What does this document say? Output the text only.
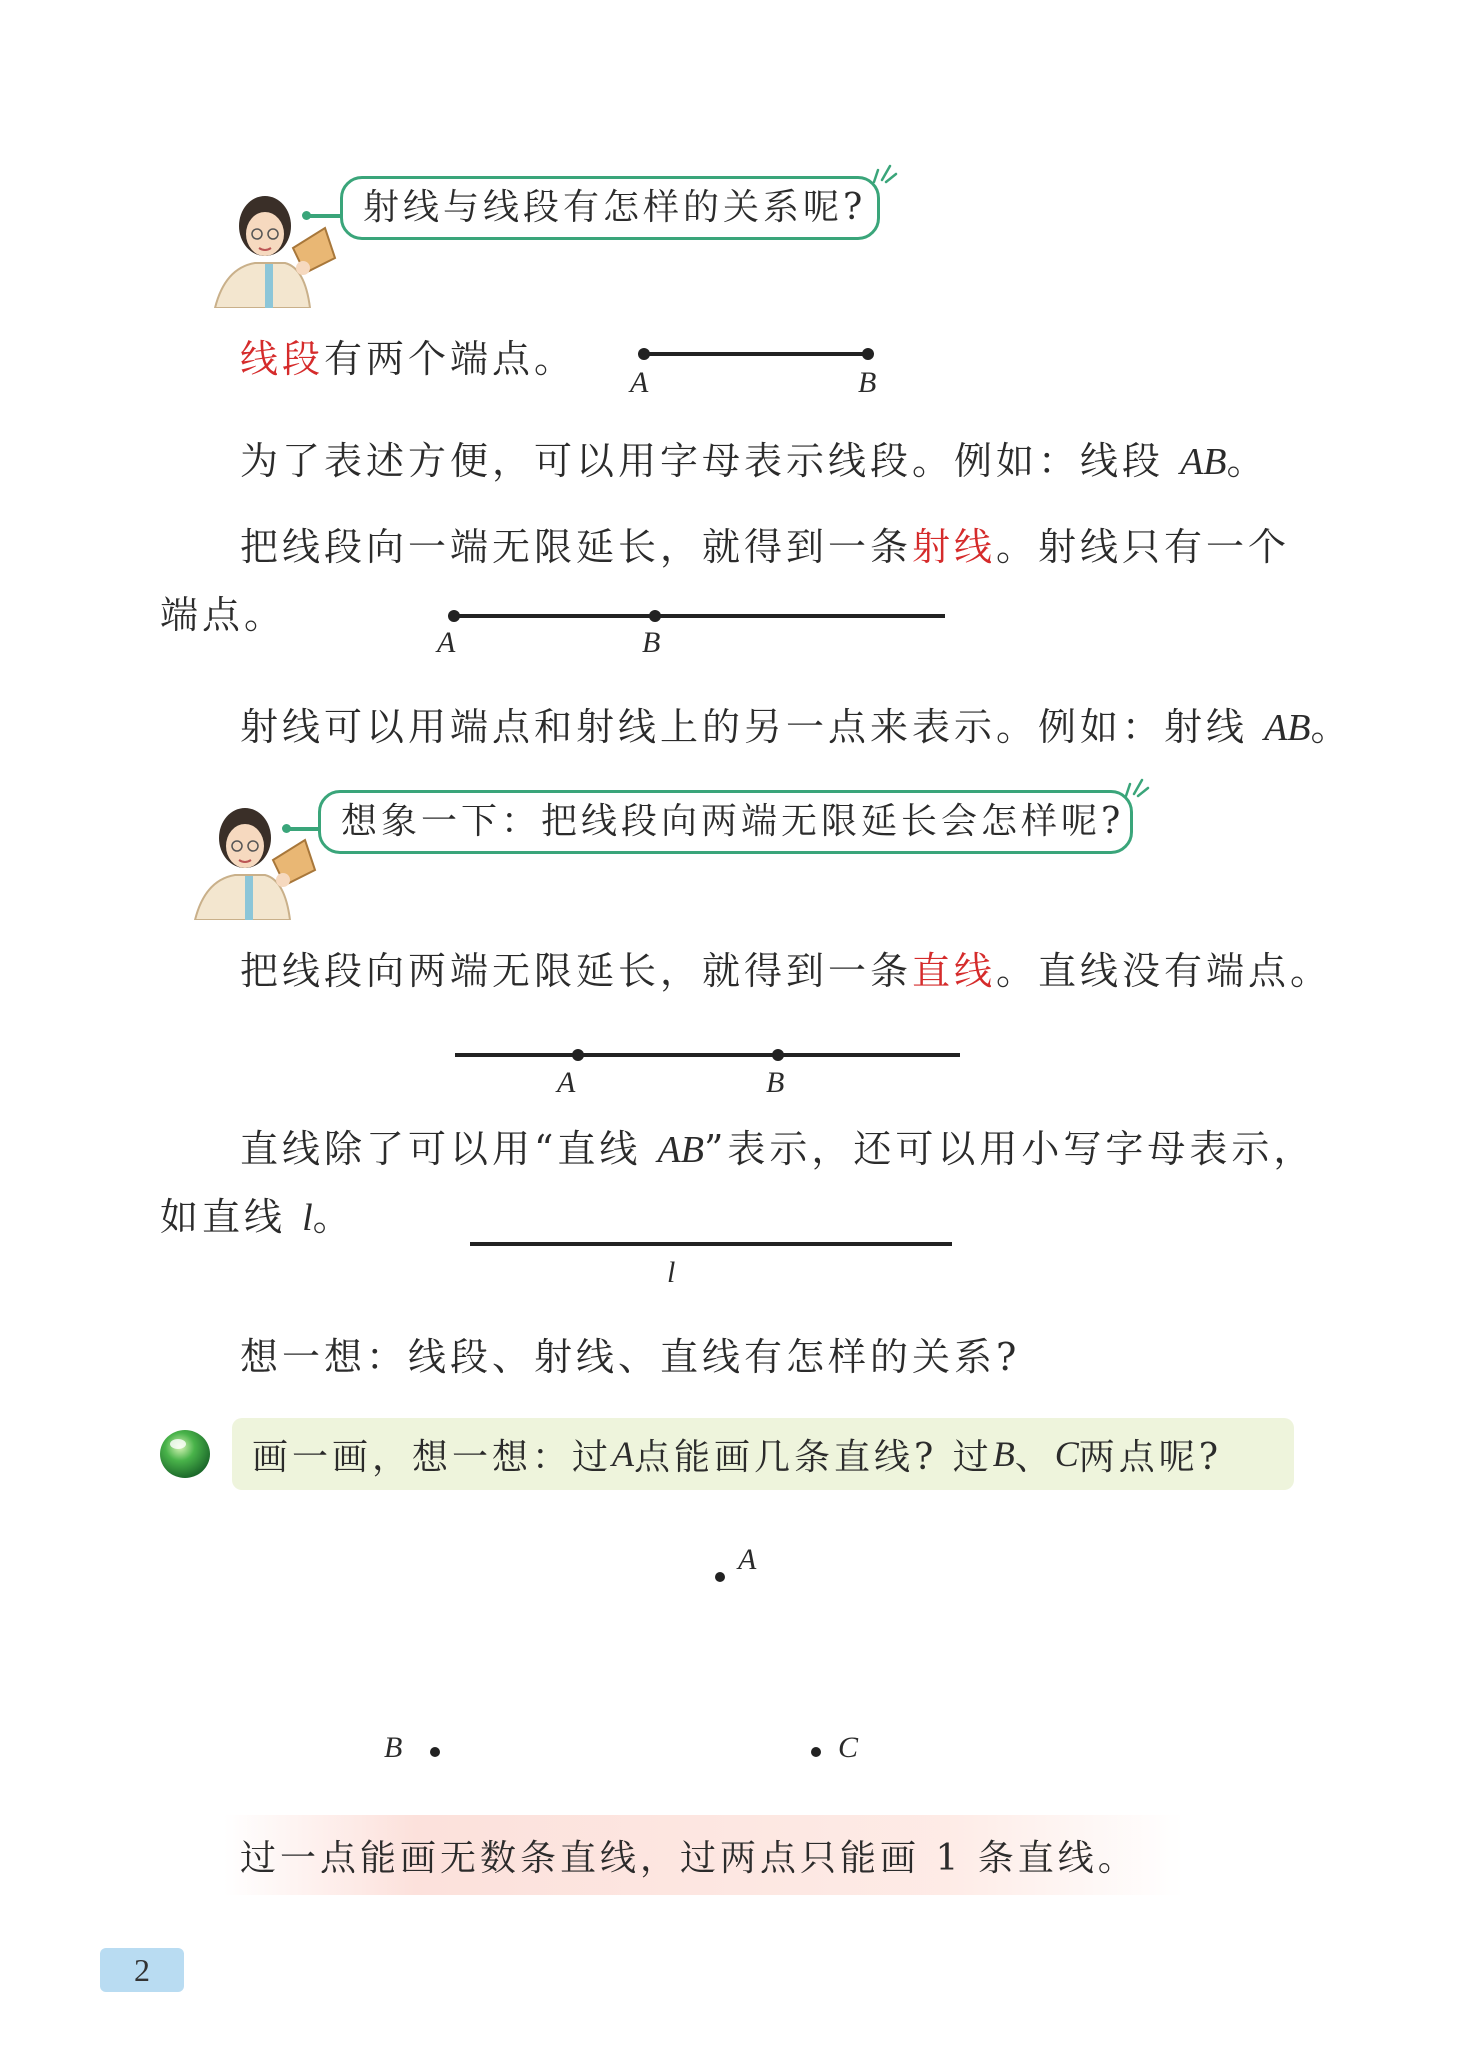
射线与线段有怎样的关系呢?
线段有两个端点。
A	B
为了表述方便，可以用字母表示线段。例如：线段 AB。
把线段向一端无限延长，就得到一条射线。射线只有一个
端点。
A	B
射线可以用端点和射线上的另一点来表示。例如：射线 AB。
想象一下：把线段向两端无限延长会怎样呢?
把线段向两端无限延长，就得到一条直线。直线没有端点。
A	B
直线除了可以用“直线 AB”表示，还可以用小写字母表示，
如直线 l。
l
想一想：线段、射线、直线有怎样的关系?
画一画，想一想：过 A 点能画几条直线? 过 B 、 C 两点呢?
A
B	C
过一点能画无数条直线，过两点只能画 1 条直线。
2
